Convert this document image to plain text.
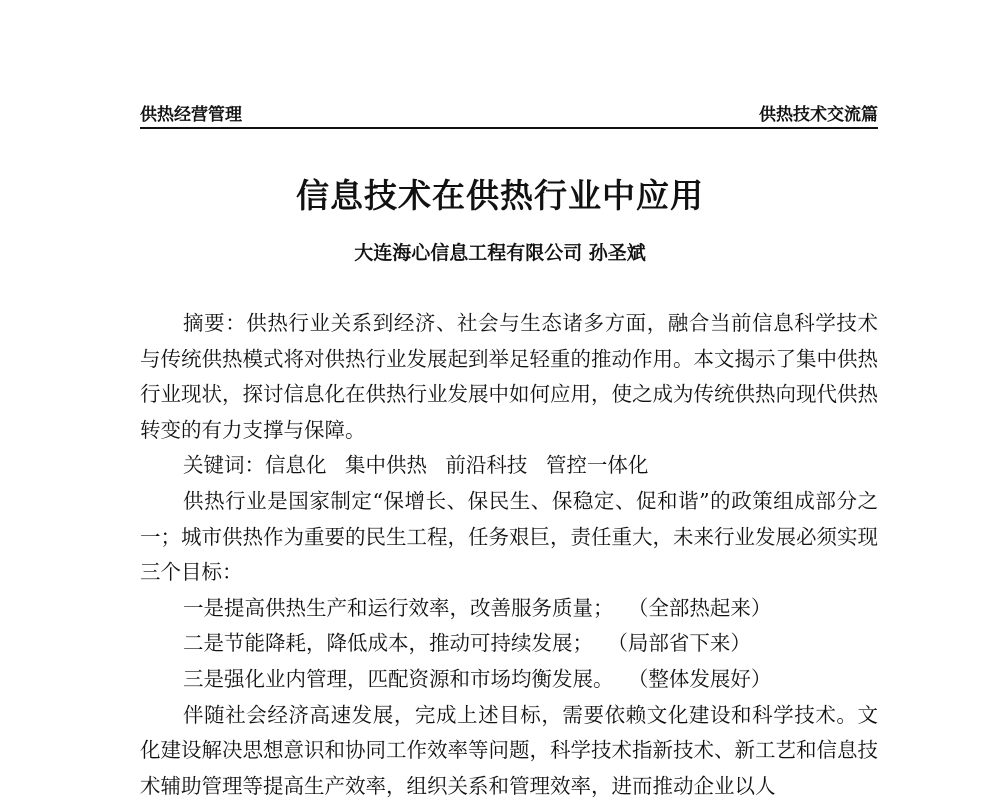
供热经营管理	供热技术交流篇
信息技术在供热行业中应用
大连海心信息工程有限公司 孙圣斌

摘要：供热行业关系到经济、社会与生态诸多方面，融合当前信息科学技术与传统供热模式将对供热行业发展起到举足轻重的推动作用。本文揭示了集中供热行业现状，探讨信息化在供热行业发展中如何应用，使之成为传统供热向现代供热转变的有力支撑与保障。

关键词：信息化 集中供热 前沿科技 管控一体化

供热行业是国家制定“保增长、保民生、保稳定、促和谐”的政策组成部分之一；城市供热作为重要的民生工程，任务艰巨，责任重大，未来行业发展必须实现三个目标：

一是提高供热生产和运行效率，改善服务质量； （全部热起来）

二是节能降耗，降低成本，推动可持续发展； （局部省下来）

三是强化业内管理，匹配资源和市场均衡发展。 （整体发展好）

伴随社会经济高速发展，完成上述目标，需要依赖文化建设和科学技术。文化建设解决思想意识和协同工作效率等问题，科学技术指新技术、新工艺和信息技术辅助管理等提高生产效率，组织关系和管理效率，进而推动企业以人
